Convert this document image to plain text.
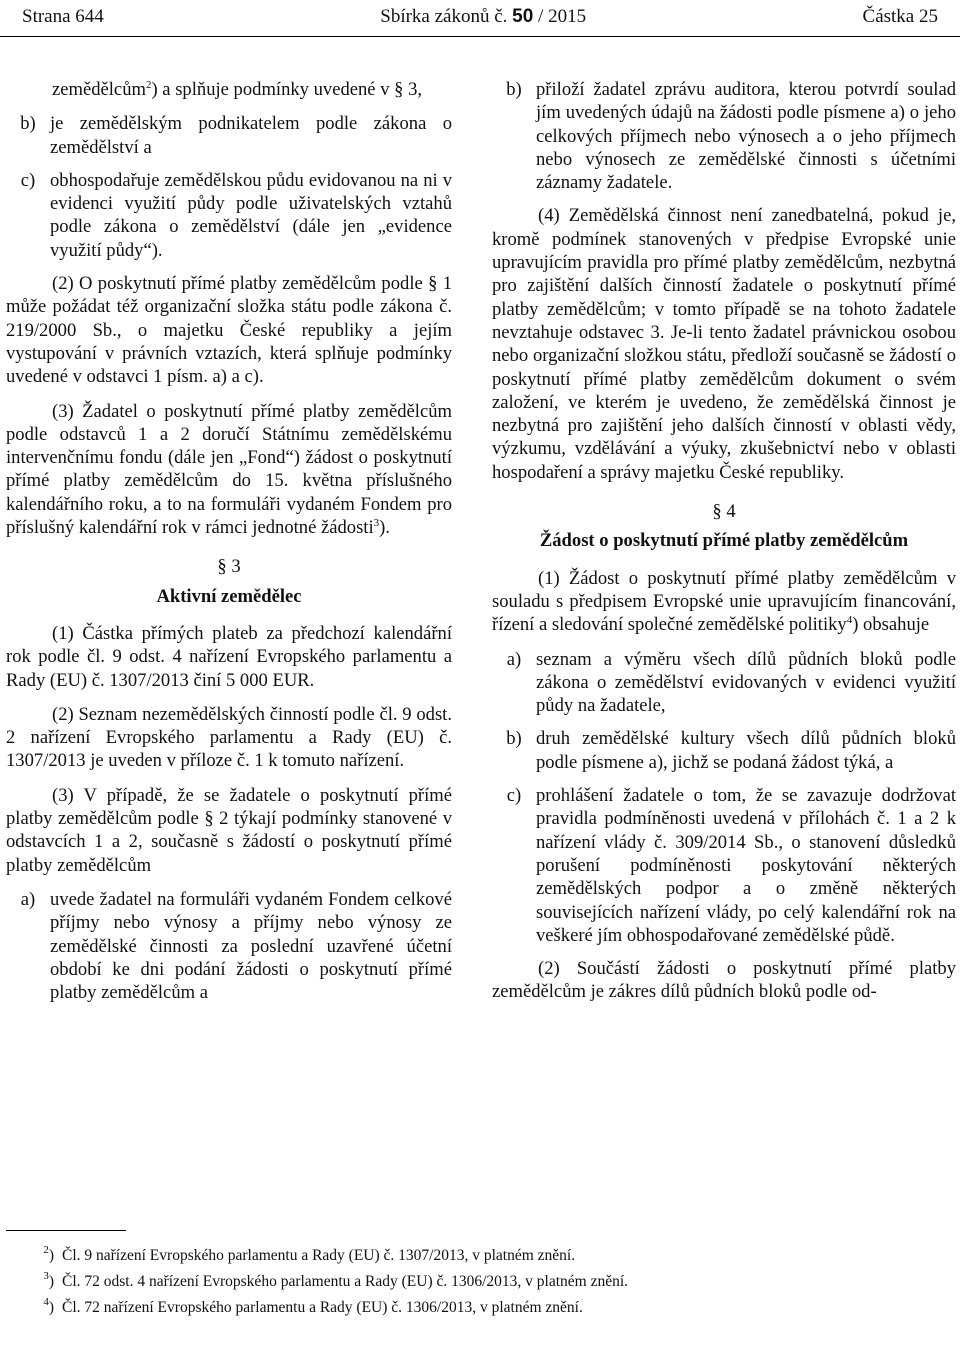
Strana 644	Sbírka zákonů č. 50 / 2015	Částka 25

zemědělcům$^2$) a splňuje podmínky uvedené v § 3,

b) je zemědělským podnikatelem podle zákona o zemědělství a
c) obhospodařuje zemědělskou půdu evidovanou na ni v evidenci využití půdy podle uživatelských vztahů podle zákona o zemědělství (dále jen „evidence využití půdy“).

(2) O poskytnutí přímé platby zemědělcům podle § 1 může požádat též organizační složka státu podle zákona č. 219/2000 Sb., o majetku České republiky a jejím vystupování v právních vztazích, která splňuje podmínky uvedené v odstavci 1 písm. a) a c).

(3) Žadatel o poskytnutí přímé platby zemědělcům podle odstavců 1 a 2 doručí Státnímu zemědělskému intervenčnímu fondu (dále jen „Fond“) žádost o poskytnutí přímé platby zemědělcům do 15. května příslušného kalendářního roku, a to na formuláři vydaném Fondem pro příslušný kalendářní rok v rámci jednotné žádosti$^3$).

§ 3
Aktivní zemědělec

(1) Částka přímých plateb za předchozí kalendářní rok podle čl. 9 odst. 4 nařízení Evropského parlamentu a Rady (EU) č. 1307/2013 činí 5 000 EUR.

(2) Seznam nezemědělských činností podle čl. 9 odst. 2 nařízení Evropského parlamentu a Rady (EU) č. 1307/2013 je uveden v příloze č. 1 k tomuto nařízení.

(3) V případě, že se žadatele o poskytnutí přímé platby zemědělcům podle § 2 týkají podmínky stanovené v odstavcích 1 a 2, současně s žádostí o poskytnutí přímé platby zemědělcům

a) uvede žadatel na formuláři vydaném Fondem celkové příjmy nebo výnosy a příjmy nebo výnosy ze zemědělské činnosti za poslední uzavřené účetní období ke dni podání žádosti o poskytnutí přímé platby zemědělcům a
b) přiloží žadatel zprávu auditora, kterou potvrdí soulad jím uvedených údajů na žádosti podle písmene a) o jeho celkových příjmech nebo výnosech a o jeho příjmech nebo výnosech ze zemědělské činnosti s účetními záznamy žadatele.

(4) Zemědělská činnost není zanedbatelná, pokud je, kromě podmínek stanovených v předpise Evropské unie upravujícím pravidla pro přímé platby zemědělcům, nezbytná pro zajištění dalších činností žadatele o poskytnutí přímé platby zemědělcům; v tomto případě se na tohoto žadatele nevztahuje odstavec 3. Je-li tento žadatel právnickou osobou nebo organizační složkou státu, předloží současně se žádostí o poskytnutí přímé platby zemědělcům dokument o svém založení, ve kterém je uvedeno, že zemědělská činnost je nezbytná pro zajištění jeho dalších činností v oblasti vědy, výzkumu, vzdělávání a výuky, zkušebnictví nebo v oblasti hospodaření a správy majetku České republiky.

§ 4
Žádost o poskytnutí přímé platby zemědělcům

(1) Žádost o poskytnutí přímé platby zemědělcům v souladu s předpisem Evropské unie upravujícím financování, řízení a sledování společné zemědělské politiky$^4$) obsahuje

a) seznam a výměru všech dílů půdních bloků podle zákona o zemědělství evidovaných v evidenci využití půdy na žadatele,
b) druh zemědělské kultury všech dílů půdních bloků podle písmene a), jichž se podaná žádost týká, a
c) prohlášení žadatele o tom, že se zavazuje dodržovat pravidla podmíněnosti uvedená v přílohách č. 1 a 2 k nařízení vlády č. 309/2014 Sb., o stanovení důsledků porušení podmíněnosti poskytování některých zemědělských podpor a o změně některých souvisejících nařízení vlády, po celý kalendářní rok na veškeré jím obhospodařované zemědělské půdě.

(2) Součástí žádosti o poskytnutí přímé platby zemědělcům je zákres dílů půdních bloků podle od-

$^2$) Čl. 9 nařízení Evropského parlamentu a Rady (EU) č. 1307/2013, v platném znění.
$^3$) Čl. 72 odst. 4 nařízení Evropského parlamentu a Rady (EU) č. 1306/2013, v platném znění.
$^4$) Čl. 72 nařízení Evropského parlamentu a Rady (EU) č. 1306/2013, v platném znění.
